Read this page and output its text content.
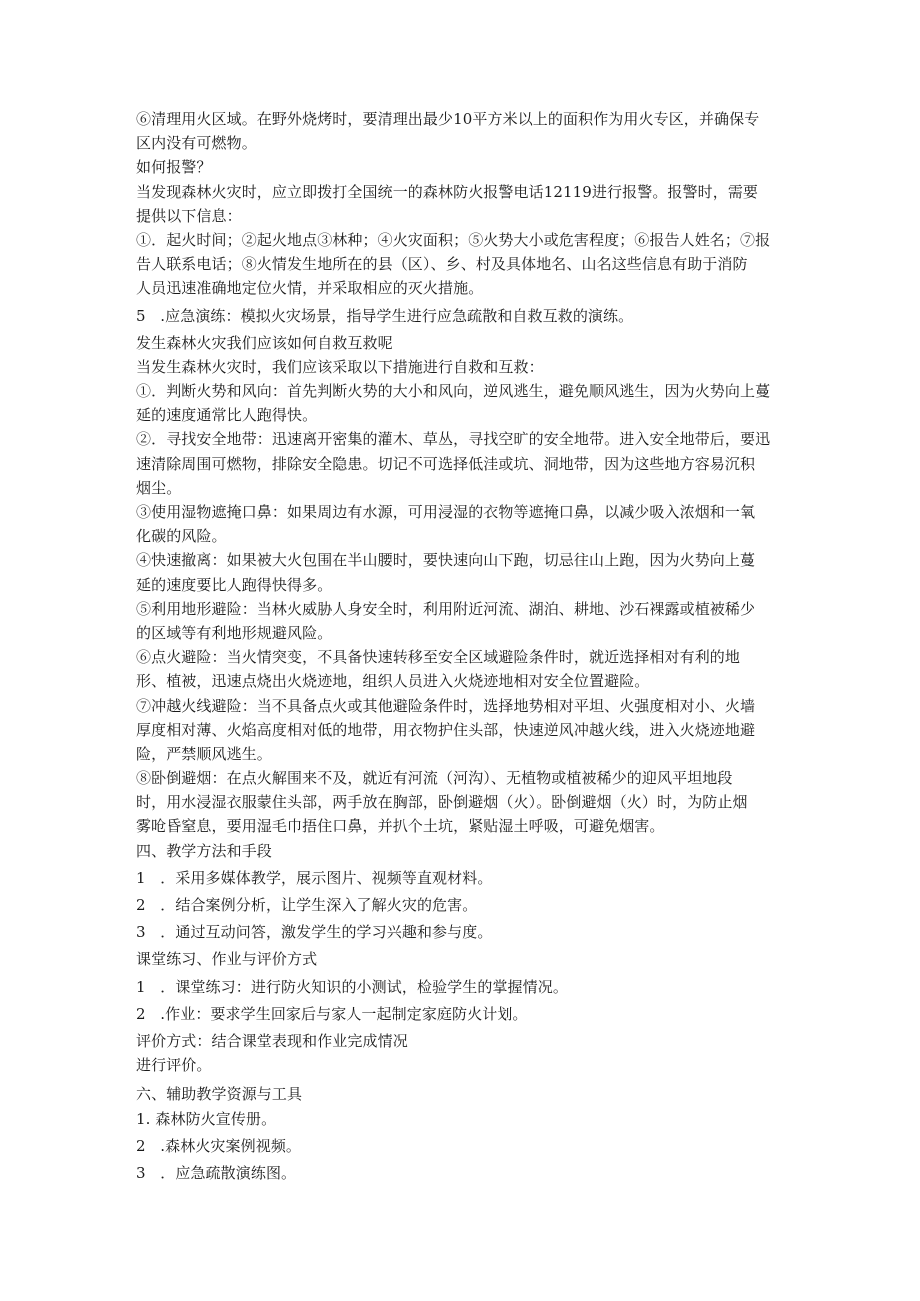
⑥清理用火区域。在野外烧烤时，要清理出最少10平方米以上的面积作为用火专区，并确保专
区内没有可燃物。
如何报警？
当发现森林火灾时，应立即拨打全国统一的森林防火报警电话12119进行报警。报警时，需要
提供以下信息：
①．起火时间；②起火地点③林种；④火灾面积；⑤火势大小或危害程度；⑥报告人姓名；⑦报
告人联系电话；⑧火情发生地所在的县（区）、乡、村及具体地名、山名这些信息有助于消防
人员迅速准确地定位火情，并采取相应的灭火措施。
5   .应急演练：模拟火灾场景，指导学生进行应急疏散和自救互救的演练。
发生森林火灾我们应该如何自救互救呢
当发生森林火灾时，我们应该采取以下措施进行自救和互救：
①．判断火势和风向：首先判断火势的大小和风向，逆风逃生，避免顺风逃生，因为火势向上蔓
延的速度通常比人跑得快。
②．寻找安全地带：迅速离开密集的灌木、草丛，寻找空旷的安全地带。进入安全地带后，要迅
速清除周围可燃物，排除安全隐患。切记不可选择低洼或坑、洞地带，因为这些地方容易沉积
烟尘。
③使用湿物遮掩口鼻：如果周边有水源，可用浸湿的衣物等遮掩口鼻，以减少吸入浓烟和一氧
化碳的风险。
④快速撤离：如果被大火包围在半山腰时，要快速向山下跑，切忌往山上跑，因为火势向上蔓
延的速度要比人跑得快得多。
⑤利用地形避险：当林火威胁人身安全时，利用附近河流、湖泊、耕地、沙石裸露或植被稀少
的区域等有利地形规避风险。
⑥点火避险：当火情突变，不具备快速转移至安全区域避险条件时，就近选择相对有利的地
形、植被，迅速点烧出火烧迹地，组织人员进入火烧迹地相对安全位置避险。
⑦冲越火线避险：当不具备点火或其他避险条件时，选择地势相对平坦、火强度相对小、火墙
厚度相对薄、火焰高度相对低的地带，用衣物护住头部，快速逆风冲越火线，进入火烧迹地避
险，严禁顺风逃生。
⑧卧倒避烟：在点火解围来不及，就近有河流（河沟）、无植物或植被稀少的迎风平坦地段
时，用水浸湿衣服蒙住头部，两手放在胸部，卧倒避烟（火）。卧倒避烟（火）时，为防止烟
雾呛昏窒息，要用湿毛巾捂住口鼻，并扒个土坑，紧贴湿土呼吸，可避免烟害。
四、教学方法和手段
1   ．采用多媒体教学，展示图片、视频等直观材料。
2   ．结合案例分析，让学生深入了解火灾的危害。
3   ．通过互动问答，激发学生的学习兴趣和参与度。
课堂练习、作业与评价方式
1   ．课堂练习：进行防火知识的小测试，检验学生的掌握情况。
2   .作业：要求学生回家后与家人一起制定家庭防火计划。
评价方式：结合课堂表现和作业完成情况
进行评价。
六、辅助教学资源与工具
1. 森林防火宣传册。
2   .森林火灾案例视频。
3   ．应急疏散演练图。
